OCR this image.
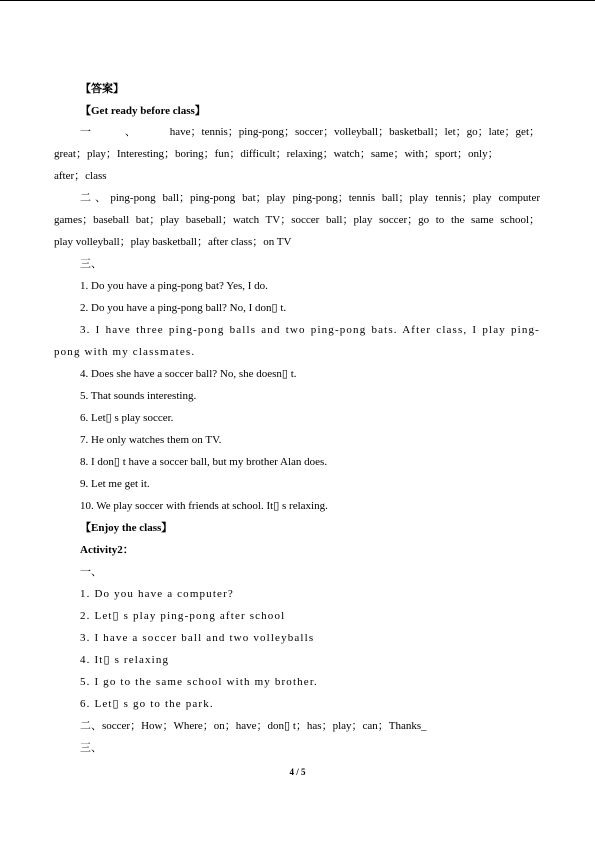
【答案】
【Get ready before class】
一、have；tennis；ping-pong；soccer；volleyball；basketball；let；go；late；get；
great；play；Interesting；boring；fun；difficult；relaxing；watch；same；with；sport；only；
after；class
二、ping-pong ball；ping-pong bat；play ping-pong；tennis ball；play tennis；play computer
games；baseball bat；play baseball；watch TV；soccer ball；play soccer；go to the same school；
play volleyball；play basketball；after class；on TV
三、
1. Do you have a ping-pong bat? Yes, I do.
2. Do you have a ping-pong ball? No, I don▯ t.
3. I have three ping-pong balls and two ping-pong bats. After class, I play ping-
pong with my classmates.
4. Does she have a soccer ball? No, she doesn▯ t.
5. That sounds interesting.
6. Let▯ s play soccer.
7. He only watches them on TV.
8. I don▯ t have a soccer ball, but my brother Alan does.
9. Let me get it.
10. We play soccer with friends at school. It▯ s relaxing.
【Enjoy the class】
Activity2：
一、
1. Do you have a computer?
2. Let▯ s play ping-pong after school
3. I have a soccer ball and two volleyballs
4. It▯ s relaxing
5. I go to the same school with my brother.
6. Let▯ s go to the park.
二、soccer；How；Where；on；have；don▯ t；has；play；can；Thanks_
三、
4 / 5
